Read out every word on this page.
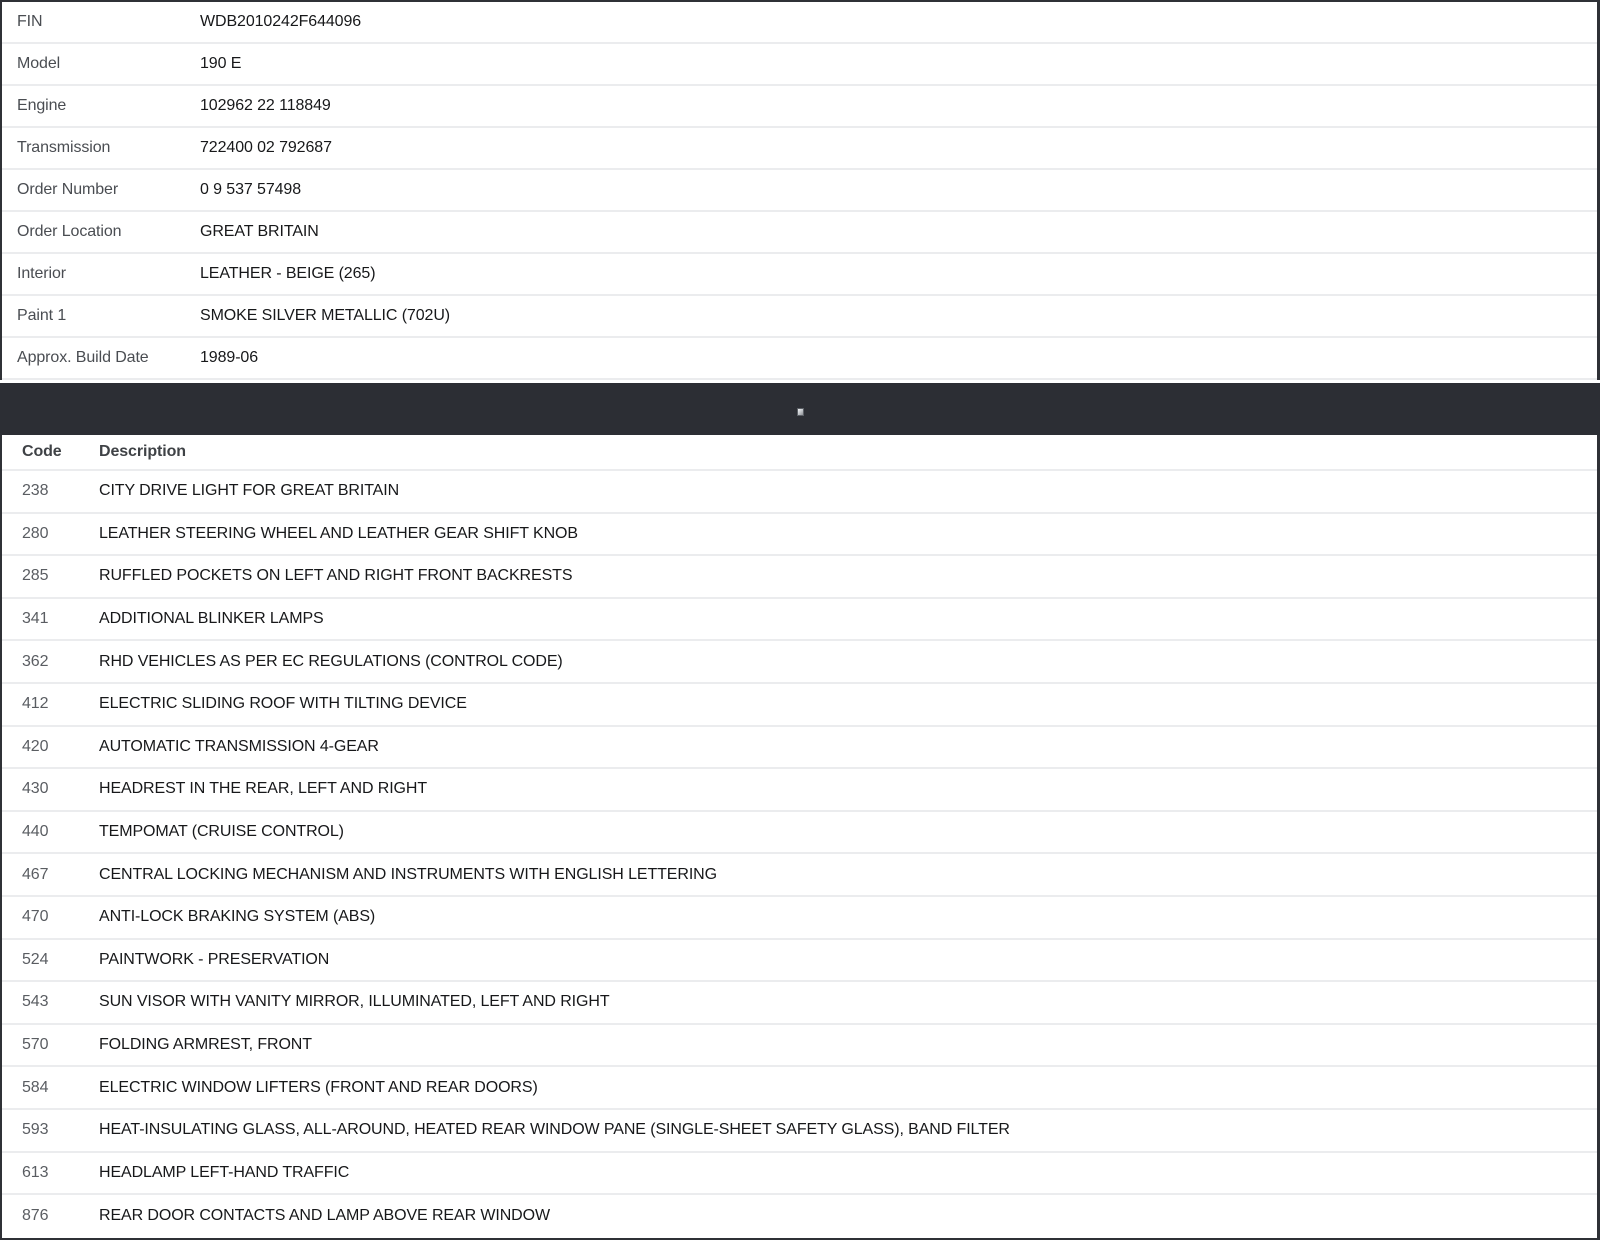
FIN	WDB2010242F644096
Model	190 E
Engine	102962 22 118849
Transmission	722400 02 792687
Order Number	0 9 537 57498
Order Location	GREAT BRITAIN
Interior	LEATHER - BEIGE (265)
Paint 1	SMOKE SILVER METALLIC (702U)
Approx. Build Date	1989-06
Code	Description
238	CITY DRIVE LIGHT FOR GREAT BRITAIN
280	LEATHER STEERING WHEEL AND LEATHER GEAR SHIFT KNOB
285	RUFFLED POCKETS ON LEFT AND RIGHT FRONT BACKRESTS
341	ADDITIONAL BLINKER LAMPS
362	RHD VEHICLES AS PER EC REGULATIONS (CONTROL CODE)
412	ELECTRIC SLIDING ROOF WITH TILTING DEVICE
420	AUTOMATIC TRANSMISSION 4-GEAR
430	HEADREST IN THE REAR, LEFT AND RIGHT
440	TEMPOMAT (CRUISE CONTROL)
467	CENTRAL LOCKING MECHANISM AND INSTRUMENTS WITH ENGLISH LETTERING
470	ANTI-LOCK BRAKING SYSTEM (ABS)
524	PAINTWORK - PRESERVATION
543	SUN VISOR WITH VANITY MIRROR, ILLUMINATED, LEFT AND RIGHT
570	FOLDING ARMREST, FRONT
584	ELECTRIC WINDOW LIFTERS (FRONT AND REAR DOORS)
593	HEAT-INSULATING GLASS, ALL-AROUND, HEATED REAR WINDOW PANE (SINGLE-SHEET SAFETY GLASS), BAND FILTER
613	HEADLAMP LEFT-HAND TRAFFIC
876	REAR DOOR CONTACTS AND LAMP ABOVE REAR WINDOW
